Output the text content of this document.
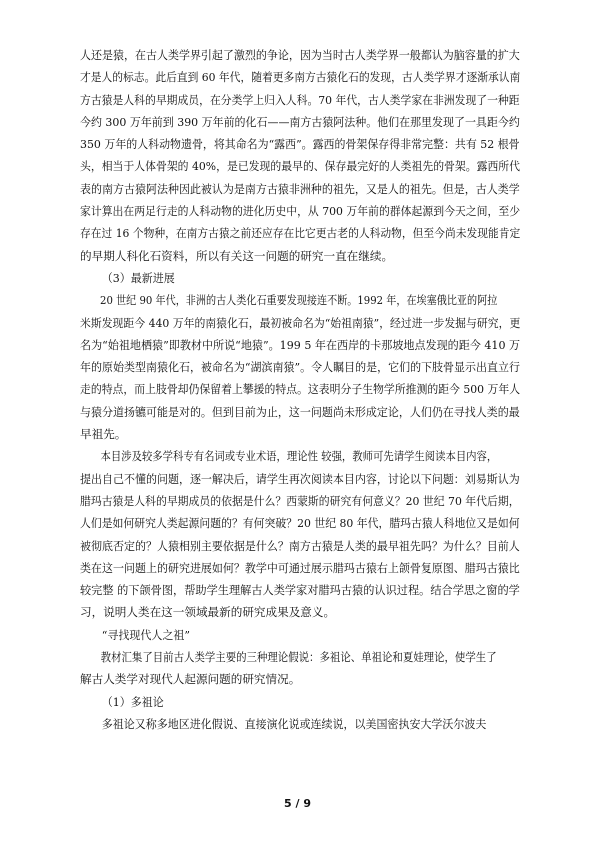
人还是猿，在古人类学界引起了激烈的争论，因为当时古人类学界一般都认为脑容量的扩大
才是人的标志。此后直到 60 年代，随着更多南方古猿化石的发现，古人类学界才逐渐承认南
方古猿是人科的早期成员，在分类学上归入人科。70 年代，古人类学家在非洲发现了一种距
今约 300 万年前到 390 万年前的化石——南方古猿阿法种。他们在那里发现了一具距今约
350 万年的人科动物遗骨，将其命名为“露西”。露西的骨架保存得非常完整：共有 52 根骨
头，相当于人体骨架的 40%，是已发现的最早的、保存最完好的人类祖先的骨架。露西所代
表的南方古猿阿法种因此被认为是南方古猿非洲种的祖先，又是人的祖先。但是，古人类学
家计算出在两足行走的人科动物的进化历史中，从 700 万年前的群体起源到今天之间，至少
存在过 16 个物种，在南方古猿之前还应存在比它更古老的人科动物，但至今尚未发现能肯定
的早期人科化石资料，所以有关这一问题的研究一直在继续。
（3）最新进展
20 世纪 90 年代，非洲的古人类化石重要发现接连不断。1992 年，在埃塞俄比亚的阿拉
米斯发现距今 440 万年的南猿化石，最初被命名为“始祖南猿”，经过进一步发掘与研究，更
名为“始祖地栖猿”即教材中所说“地猿”。199 5 年在西岸的卡那坡地点发现的距今 410 万
年的原始类型南猿化石，被命名为“湖滨南猿”。令人瞩目的是，它们的下肢骨显示出直立行
走的特点，而上肢骨却仍保留着上攀援的特点。这表明分子生物学所推测的距今 500 万年人
与猿分道扬镳可能是对的。但到目前为止，这一问题尚未形成定论，人们仍在寻找人类的最
早祖先。
本目涉及较多学科专有名词或专业术语，理论性 较强，教师可先请学生阅读本目内容，
提出自己不懂的问题，逐一解决后，请学生再次阅读本目内容，讨论以下问题：刘易斯认为
腊玛古猿是人科的早期成员的依据是什么？西蒙斯的研究有何意义？20 世纪 70 年代后期，
人们是如何研究人类起源问题的？有何突破？20 世纪 80 年代，腊玛古猿人科地位又是如何
被彻底否定的？人猿相别主要依据是什么？南方古猿是人类的最早祖先吗？为什么？目前人
类在这一问题上的研究进展如何？教学中可通过展示腊玛古猿右上颌骨复原图、腊玛古猿比
较完整 的下颌骨图，帮助学生理解古人类学家对腊玛古猿的认识过程。结合学思之窗的学
习，说明人类在这一领域最新的研究成果及意义。
“寻找现代人之祖”
教材汇集了目前古人类学主要的三种理论假说：多祖论、单祖论和夏娃理论，使学生了
解古人类学对现代人起源问题的研究情况。
（1）多祖论
多祖论又称多地区进化假说、直接演化说或连续说，以美国密执安大学沃尔波夫
5 / 9
